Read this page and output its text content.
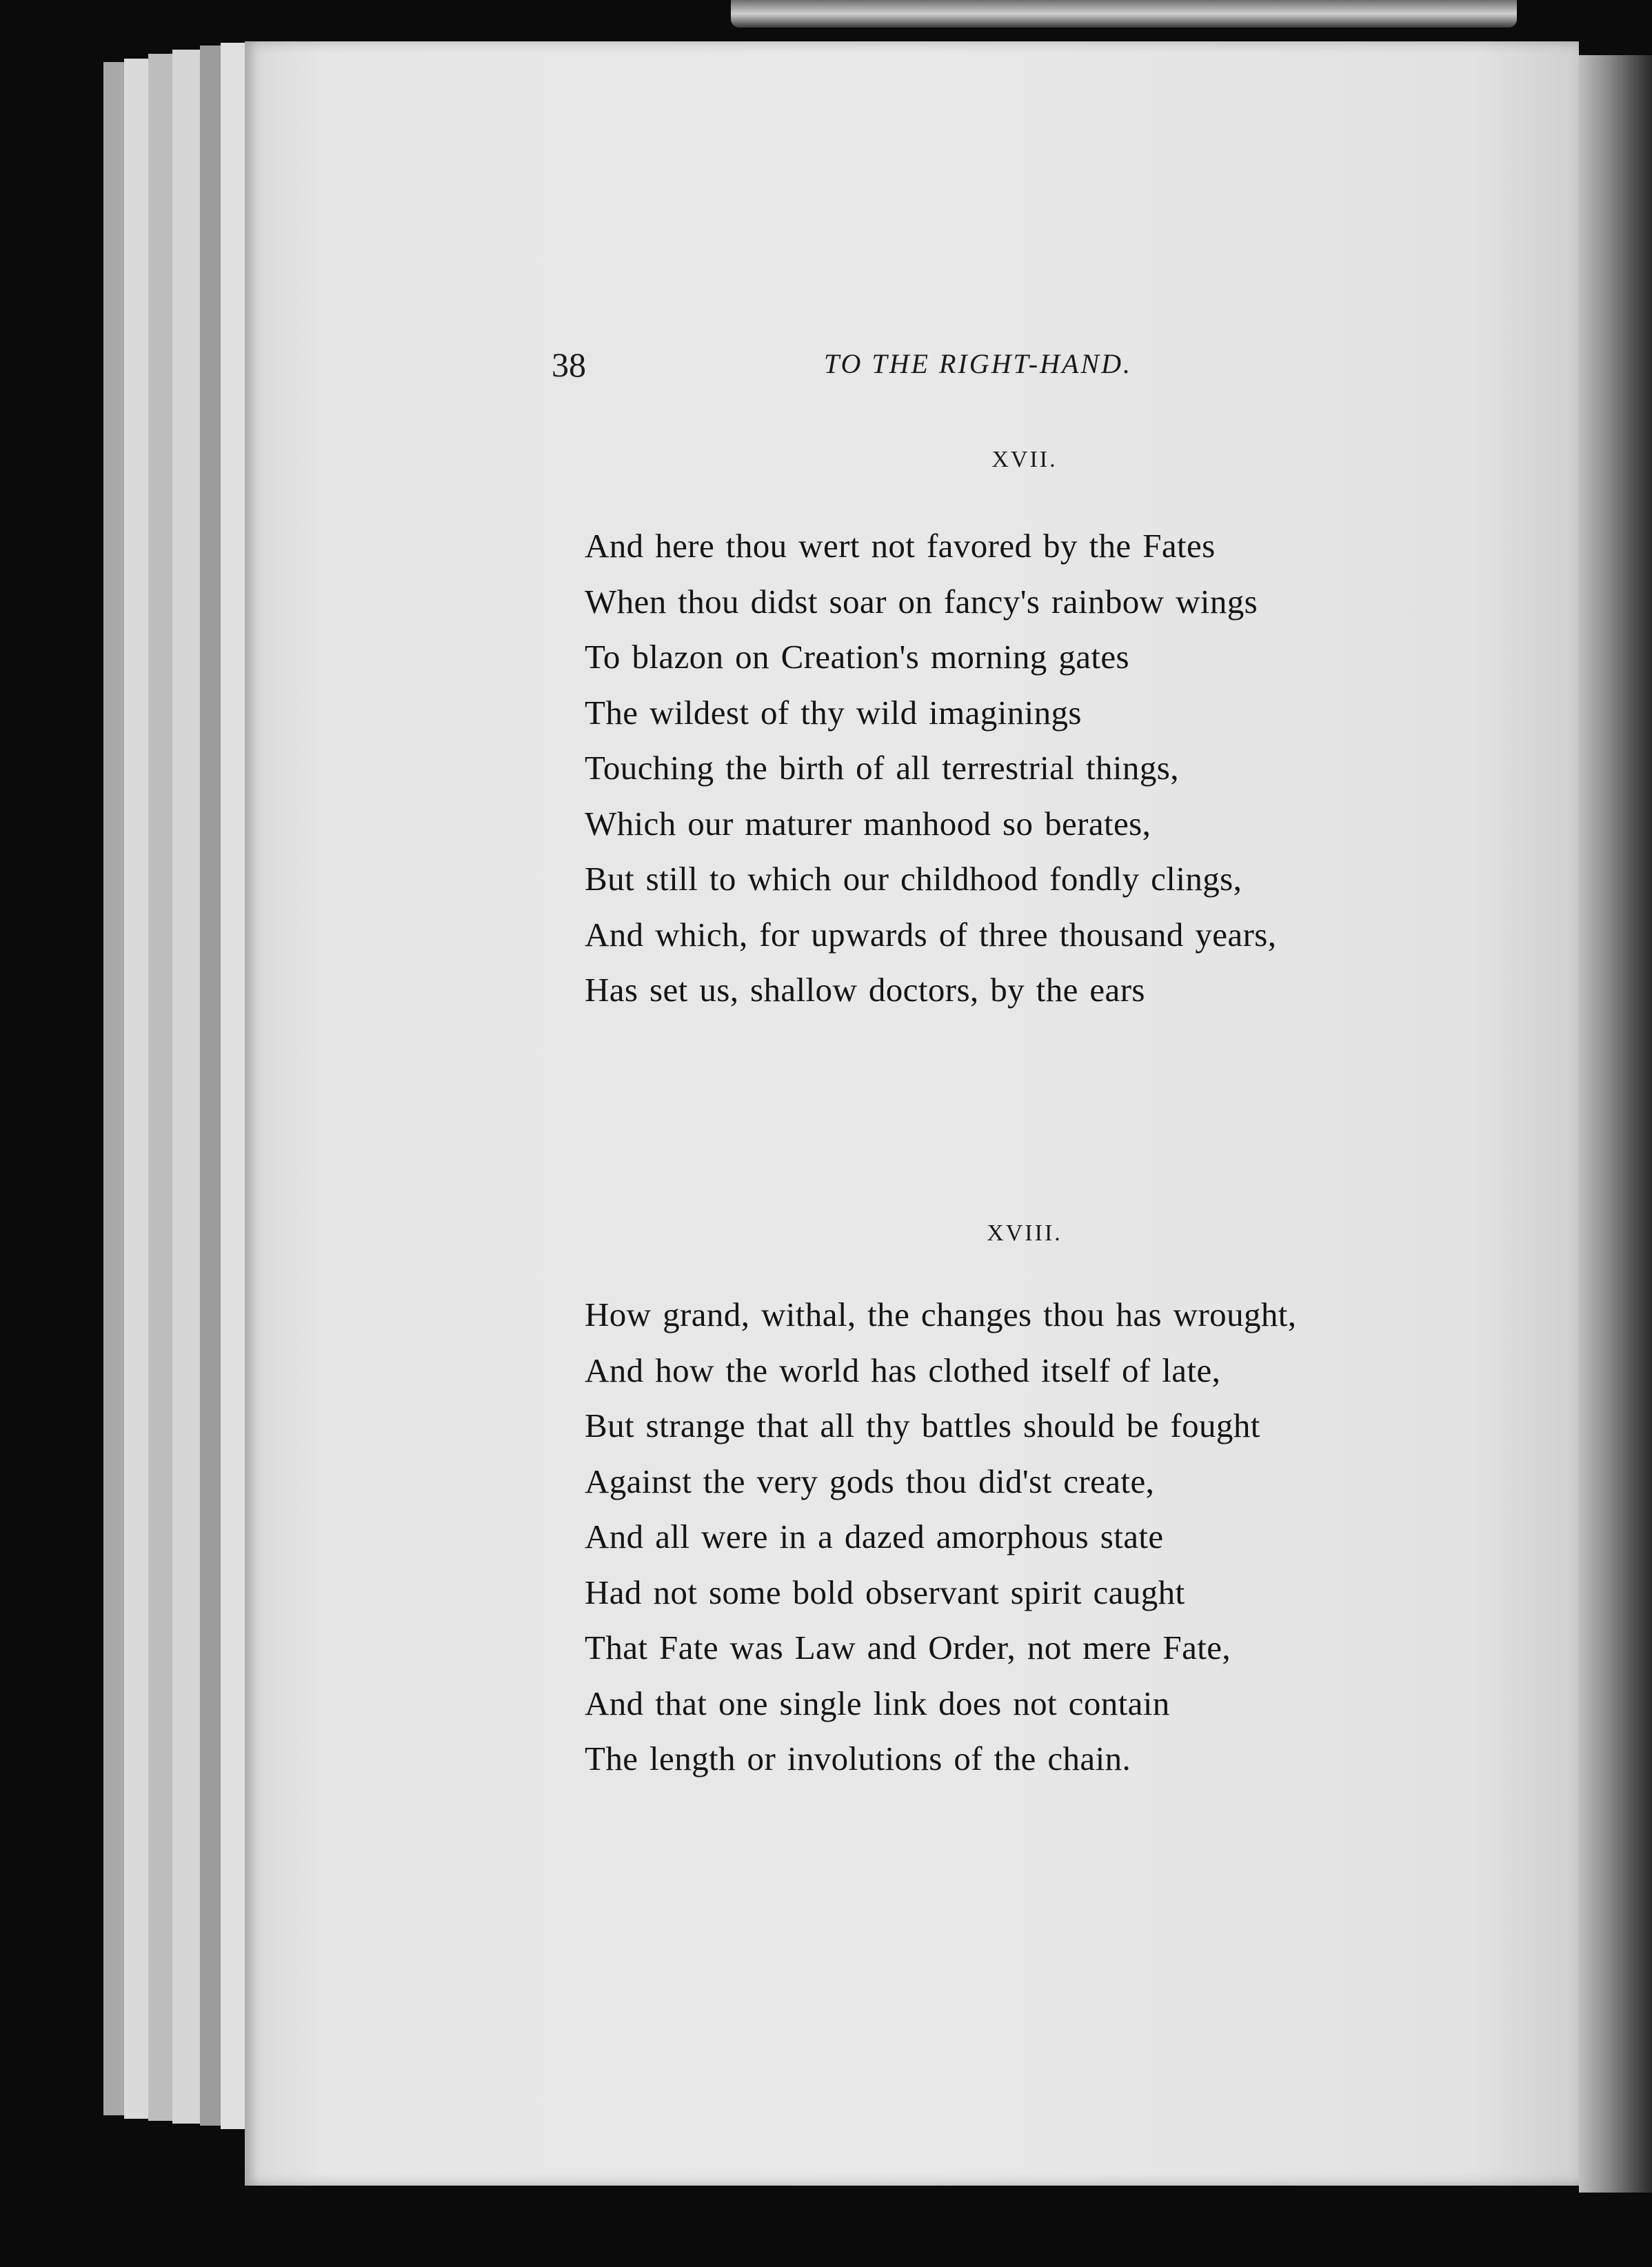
38	TO THE RIGHT-HAND.
XVII.
And here thou wert not favored by the Fates
When thou didst soar on fancy's rainbow wings
To blazon on Creation's morning gates
The wildest of thy wild imaginings
Touching the birth of all terrestrial things,
Which our maturer manhood so berates,
But still to which our childhood fondly clings,
And which, for upwards of three thousand years,
Has set us, shallow doctors, by the ears
XVIII.
How grand, withal, the changes thou has wrought,
And how the world has clothed itself of late,
But strange that all thy battles should be fought
Against the very gods thou did'st create,
And all were in a dazed amorphous state
Had not some bold observant spirit caught
That Fate was Law and Order, not mere Fate,
And that one single link does not contain
The length or involutions of the chain.
